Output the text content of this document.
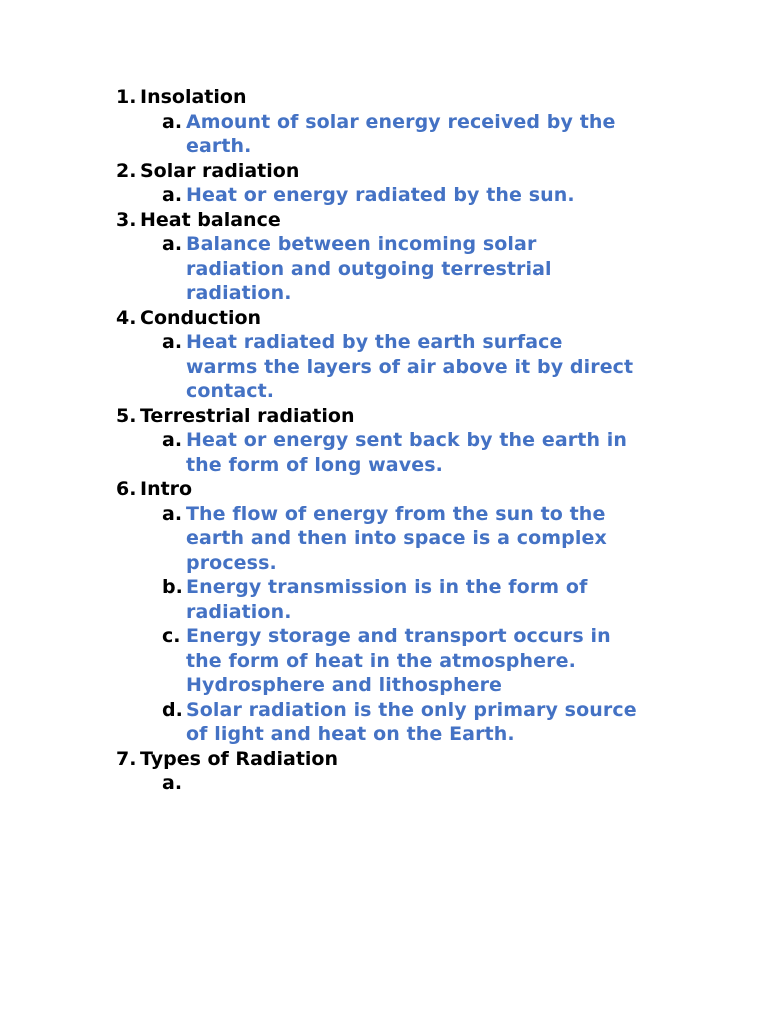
1. Insolation
a. Amount of solar energy received by the
earth.
2. Solar radiation
a. Heat or energy radiated by the sun.
3. Heat balance
a. Balance between incoming solar
radiation and outgoing terrestrial
radiation.
4. Conduction
a. Heat radiated by the earth surface
warms the layers of air above it by direct
contact.
5. Terrestrial radiation
a. Heat or energy sent back by the earth in
the form of long waves.
6. Intro
a. The flow of energy from the sun to the
earth and then into space is a complex
process.
b. Energy transmission is in the form of
radiation.
c. Energy storage and transport occurs in
the form of heat in the atmosphere.
Hydrosphere and lithosphere
d. Solar radiation is the only primary source
of light and heat on the Earth.
7. Types of Radiation
a.
